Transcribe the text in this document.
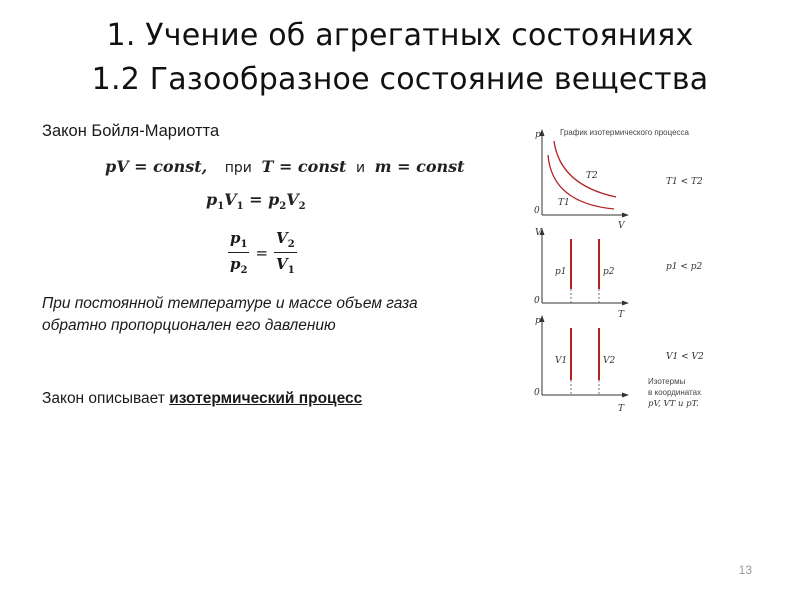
1. Учение об агрегатных состояниях
1.2 Газообразное состояние вещества
Закон Бойля-Мариотта
pV = const, при T = const и m = const
$p_1V_1 = p_2V_2$
$\frac{p_1}{p_2} = \frac{V_2}{V_1}$
При постоянной температуре и массе объем газа обратно пропорционален его давлению
Закон описывает изотермический процесс
p
V
0
T2
T1
T1 < T2
График изотермического процесса
V
T
0
p1	p2	p1 < p2
p
T
0
V1	V2	V1 < V2
Изотермы
в координатах
pV, VT и pT.
13
